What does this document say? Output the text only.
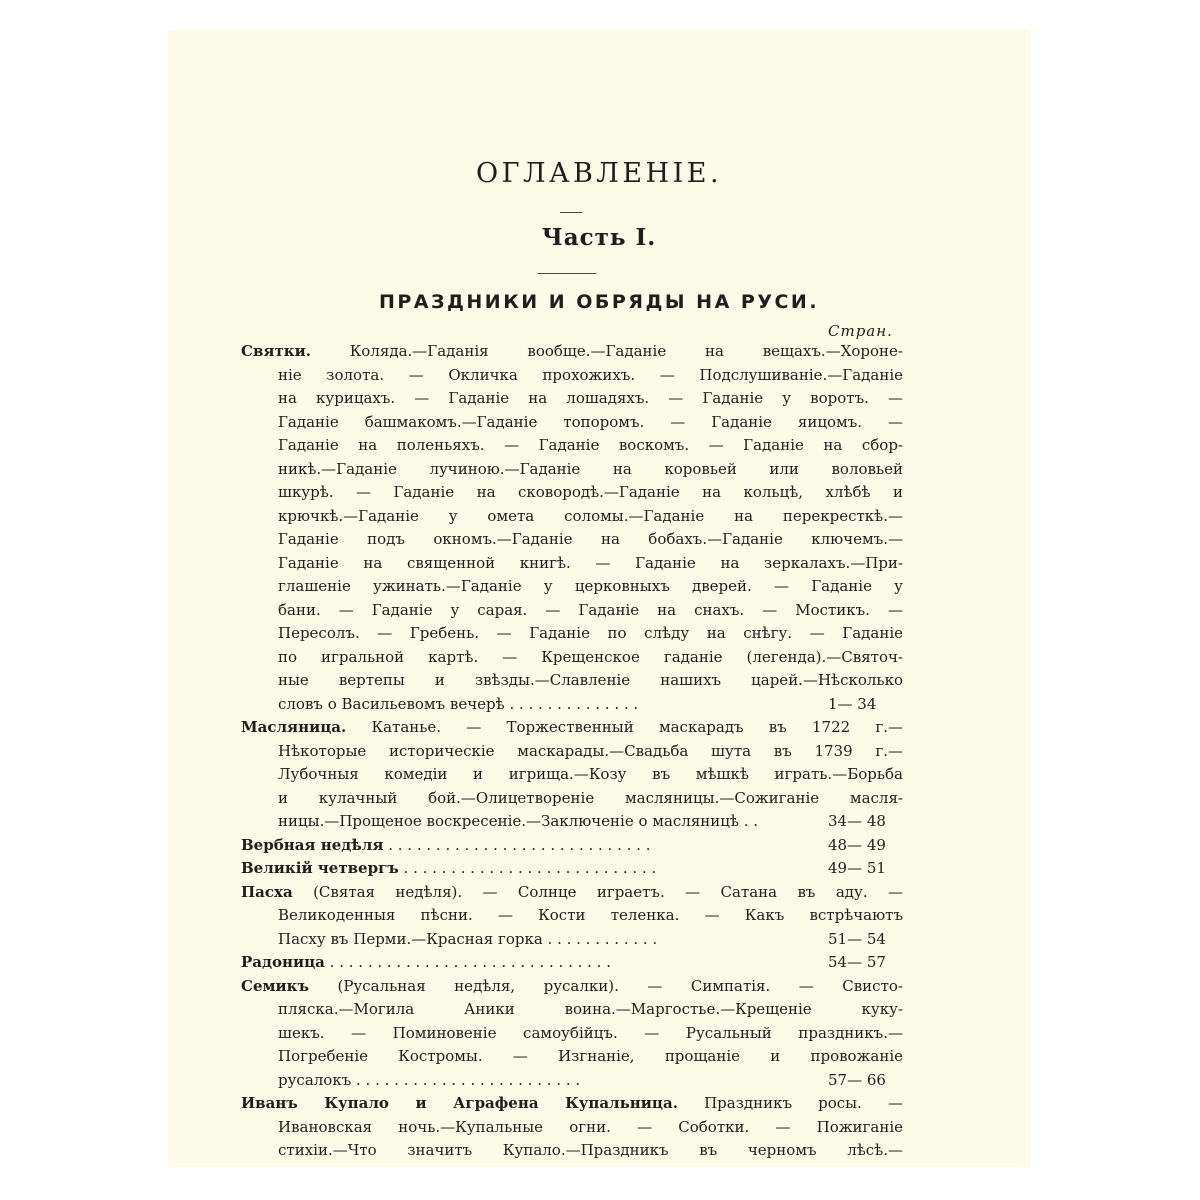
ОГЛАВЛЕНІЕ.
Часть I.
ПРАЗДНИКИ И ОБРЯДЫ НА РУСИ.
Стран.
Святки.	Коляда.—Гаданія вообще.—Гаданіе на вещахъ.—Хороне-
ніе золота. — Окличка прохожихъ. — Подслушиваніе.—Гаданіе
на курицахъ. — Гаданіе на лошадяхъ. — Гаданіе у воротъ. —
Гаданіе башмакомъ.—Гаданіе топоромъ. — Гаданіе яицомъ. —
Гаданіе на поленьяхъ. — Гаданіе воскомъ. — Гаданіе на сбор-
никѣ.—Гаданіе лучиною.—Гаданіе на коровьей или воловьей
шкурѣ. — Гаданіе на сковородѣ.—Гаданіе на кольцѣ, хлѣбѣ и
крючкѣ.—Гаданіе у омета соломы.—Гаданіе на перекресткѣ.—
Гаданіе подъ окномъ.—Гаданіе на бобахъ.—Гаданіе ключемъ.—
Гаданіе на священной книгѣ. — Гаданіе на зеркалахъ.—При-
глашеніе ужинать.—Гаданіе у церковныхъ дверей. — Гаданіе у
бани. — Гаданіе у сарая. — Гаданіе на снахъ. — Мостикъ. —
Пересолъ. — Гребень. — Гаданіе по слѣду на снѣгу. — Гаданіе
по игральной картѣ. — Крещенское гаданіе (легенда).—Святоч-
ные вертепы и звѣзды.—Славленіе нашихъ царей.—Нѣсколько
словъ о Васильевомъ вечерѣ . . . . . . . . . . . . . .	1— 34
Масляница. Катанье. — Торжественный маскарадъ въ 1722 г.—
Нѣкоторые историческіе маскарады.—Свадьба шута въ 1739 г.—
Лубочныя комедіи и игрища.—Козу въ мѣшкѣ играть.—Борьба
и кулачный бой.—Олицетвореніе масляницы.—Сожиганіе масля-
ницы.—Прощеное воскресеніе.—Заключеніе о масляницѣ . .	34— 48
Вербная недѣля . . . . . . . . . . . . . . . . . . . . . . . . . . . .	48— 49
Великій четвергъ . . . . . . . . . . . . . . . . . . . . . . . . . . .	49— 51
Пасха (Святая недѣля). — Солнце играетъ. — Сатана въ аду. —
Великоденныя пѣсни. — Кости теленка. — Какъ встрѣчаютъ
Пасху въ Перми.—Красная горка . . . . . . . . . . . .	51— 54
Радоница . . . . . . . . . . . . . . . . . . . . . . . . . . . . . .	54— 57
Семикъ (Русальная недѣля, русалки). — Симпатія. — Свисто-
пляска.—Могила Аники воина.—Маргостье.—Крещеніе куку-
шекъ. — Поминовеніе самоубійцъ. — Русальный праздникъ.—
Погребеніе Костромы. — Изгнаніе, прощаніе и провожаніе
русалокъ . . . . . . . . . . . . . . . . . . . . . . . .	57— 66
Иванъ Купало и Аграфена Купальница. Праздникъ росы. —
Ивановская ночь.—Купальные огни. — Соботки. — Пожиганіе
стихіи.—Что значитъ Купало.—Праздникъ въ черномъ лѣсѣ.—
